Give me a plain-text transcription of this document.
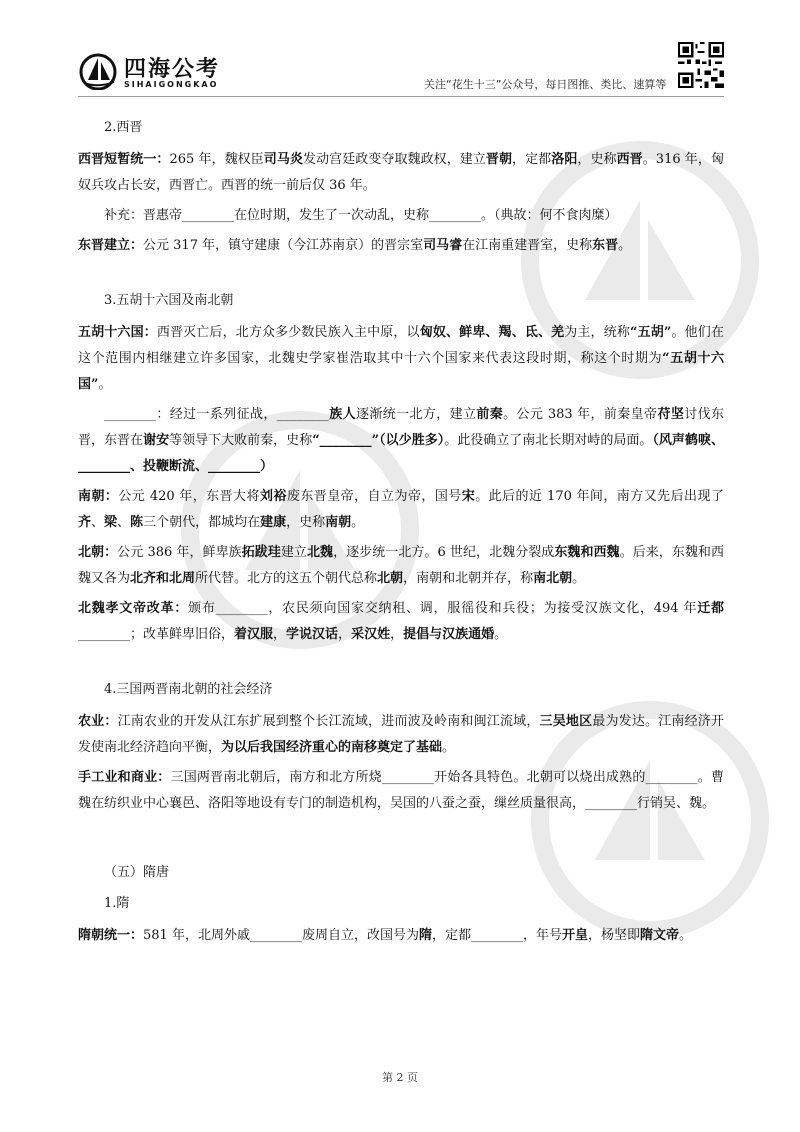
四海公考
SIHAIGONGKAO	关注“花生十三”公众号，每日图推、类比、速算等
2.西晋

西晋短暂统一：265 年，魏权臣司马炎发动宫廷政变夺取魏政权，建立晋朝，定都洛阳，史称西晋。316 年，匈奴兵攻占长安，西晋亡。西晋的统一前后仅 36 年。

补充：晋惠帝________在位时期，发生了一次动乱，史称________。（典故：何不食肉糜）

东晋建立：公元 317 年，镇守建康（今江苏南京）的晋宗室司马睿在江南重建晋室，史称东晋。

3.五胡十六国及南北朝

五胡十六国：西晋灭亡后，北方众多少数民族入主中原，以匈奴、鲜卑、羯、氐、羌为主，统称“五胡”。他们在这个范围内相继建立许多国家，北魏史学家崔浩取其中十六个国家来代表这段时期，称这个时期为“五胡十六国”。

________：经过一系列征战，________族人逐渐统一北方，建立前秦。公元 383 年，前秦皇帝苻坚讨伐东晋，东晋在谢安等领导下大败前秦，史称“________”（以少胜多）。此役确立了南北长期对峙的局面。（风声鹤唳、________、投鞭断流、________）

南朝：公元 420 年，东晋大将刘裕废东晋皇帝，自立为帝，国号宋。此后的近 170 年间，南方又先后出现了齐、梁、陈三个朝代，都城均在建康，史称南朝。

北朝：公元 386 年，鲜卑族拓跋珪建立北魏，逐步统一北方。6 世纪，北魏分裂成东魏和西魏。后来，东魏和西魏又各为北齐和北周所代替。北方的这五个朝代总称北朝，南朝和北朝并存，称南北朝。

北魏孝文帝改革：颁布________，农民须向国家交纳租、调，服徭役和兵役；为接受汉族文化，494 年迁都________；改革鲜卑旧俗，着汉服，学说汉话，采汉姓，提倡与汉族通婚。

4.三国两晋南北朝的社会经济

农业：江南农业的开发从江东扩展到整个长江流域，进而波及岭南和闽江流域，三吴地区最为发达。江南经济开发使南北经济趋向平衡，为以后我国经济重心的南移奠定了基础。

手工业和商业：三国两晋南北朝后，南方和北方所烧________开始各具特色。北朝可以烧出成熟的________。曹魏在纺织业中心襄邑、洛阳等地设有专门的制造机构，吴国的八蚕之蚕，缫丝质量很高，________行销吴、魏。

（五）隋唐
1.隋

隋朝统一：581 年，北周外戚________废周自立，改国号为隋，定都________，年号开皇，杨坚即隋文帝。

第 2 页
